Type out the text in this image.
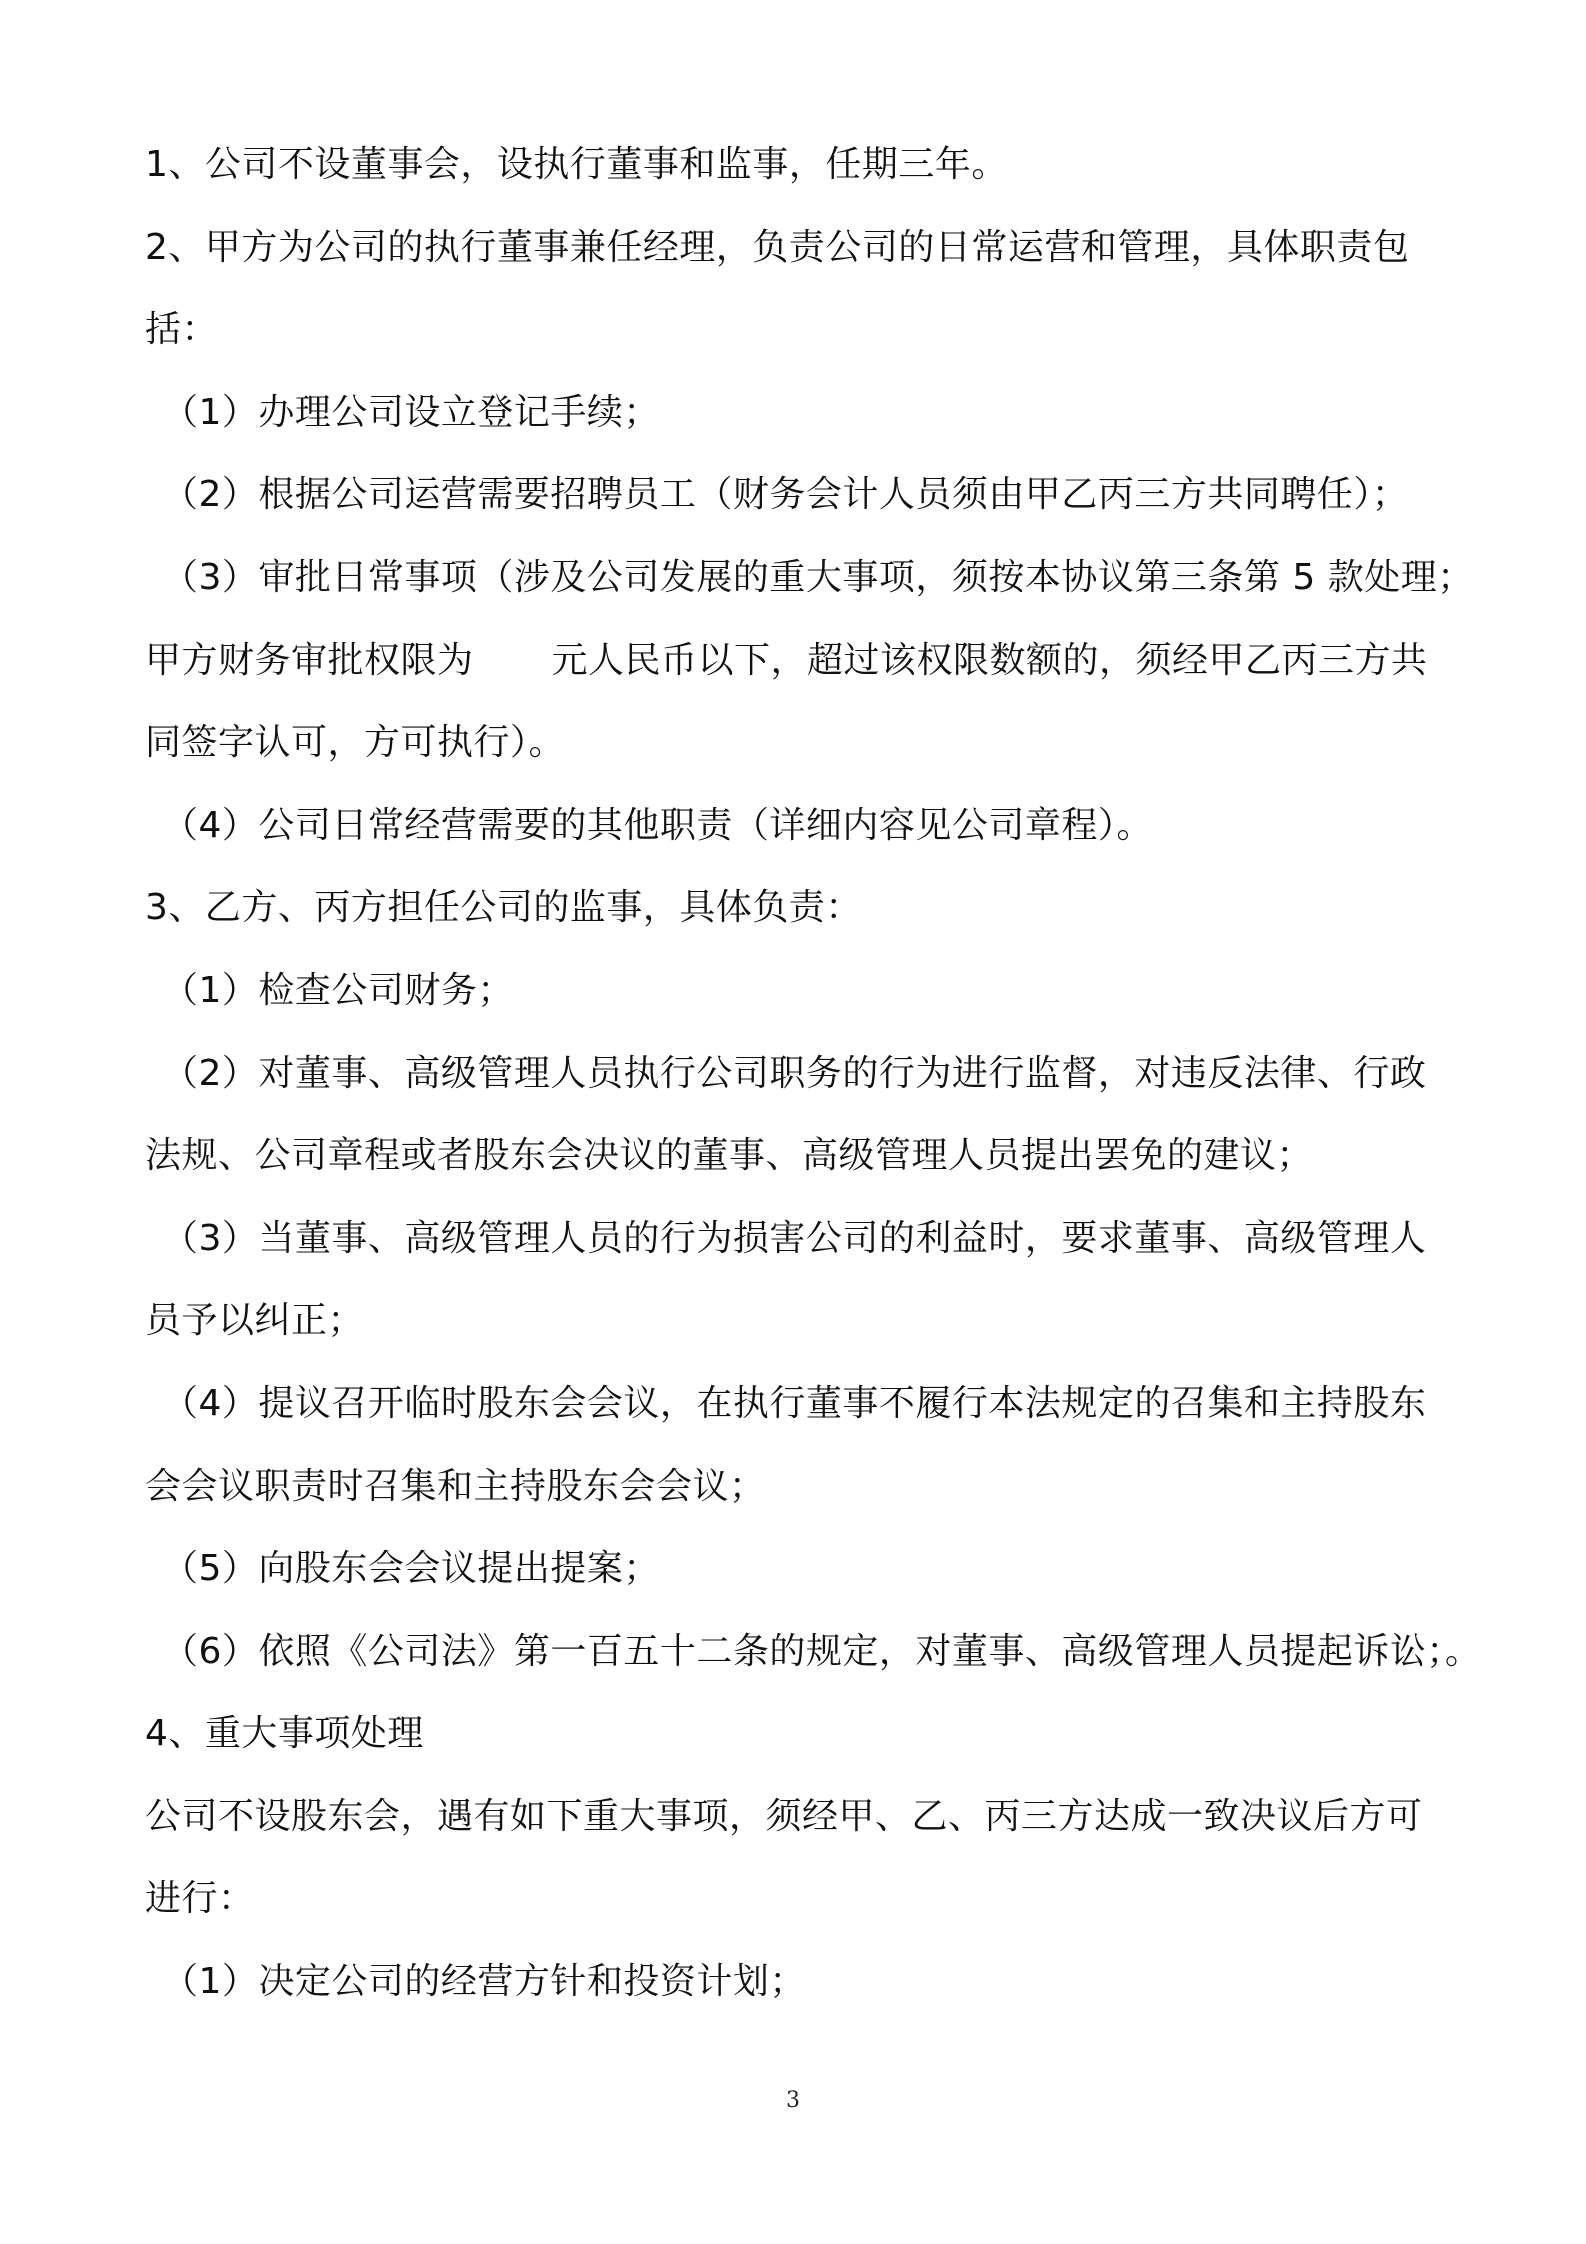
1、公司不设董事会，设执行董事和监事，任期三年。
2、甲方为公司的执行董事兼任经理，负责公司的日常运营和管理，具体职责包
括：
（1）办理公司设立登记手续；
（2）根据公司运营需要招聘员工（财务会计人员须由甲乙丙三方共同聘任）；
（3）审批日常事项（涉及公司发展的重大事项，须按本协议第三条第 5 款处理；
甲方财务审批权限为 元人民币以下，超过该权限数额的，须经甲乙丙三方共
同签字认可，方可执行）。
（4）公司日常经营需要的其他职责（详细内容见公司章程）。
3、乙方、丙方担任公司的监事，具体负责：
（1）检查公司财务；
（2）对董事、高级管理人员执行公司职务的行为进行监督，对违反法律、行政
法规、公司章程或者股东会决议的董事、高级管理人员提出罢免的建议；
（3）当董事、高级管理人员的行为损害公司的利益时，要求董事、高级管理人
员予以纠正；
（4）提议召开临时股东会会议，在执行董事不履行本法规定的召集和主持股东
会会议职责时召集和主持股东会会议；
（5）向股东会会议提出提案；
（6）依照《公司法》第一百五十二条的规定，对董事、高级管理人员提起诉讼；。
4、重大事项处理
公司不设股东会，遇有如下重大事项，须经甲、乙、丙三方达成一致决议后方可
进行：
（1）决定公司的经营方针和投资计划；
3
